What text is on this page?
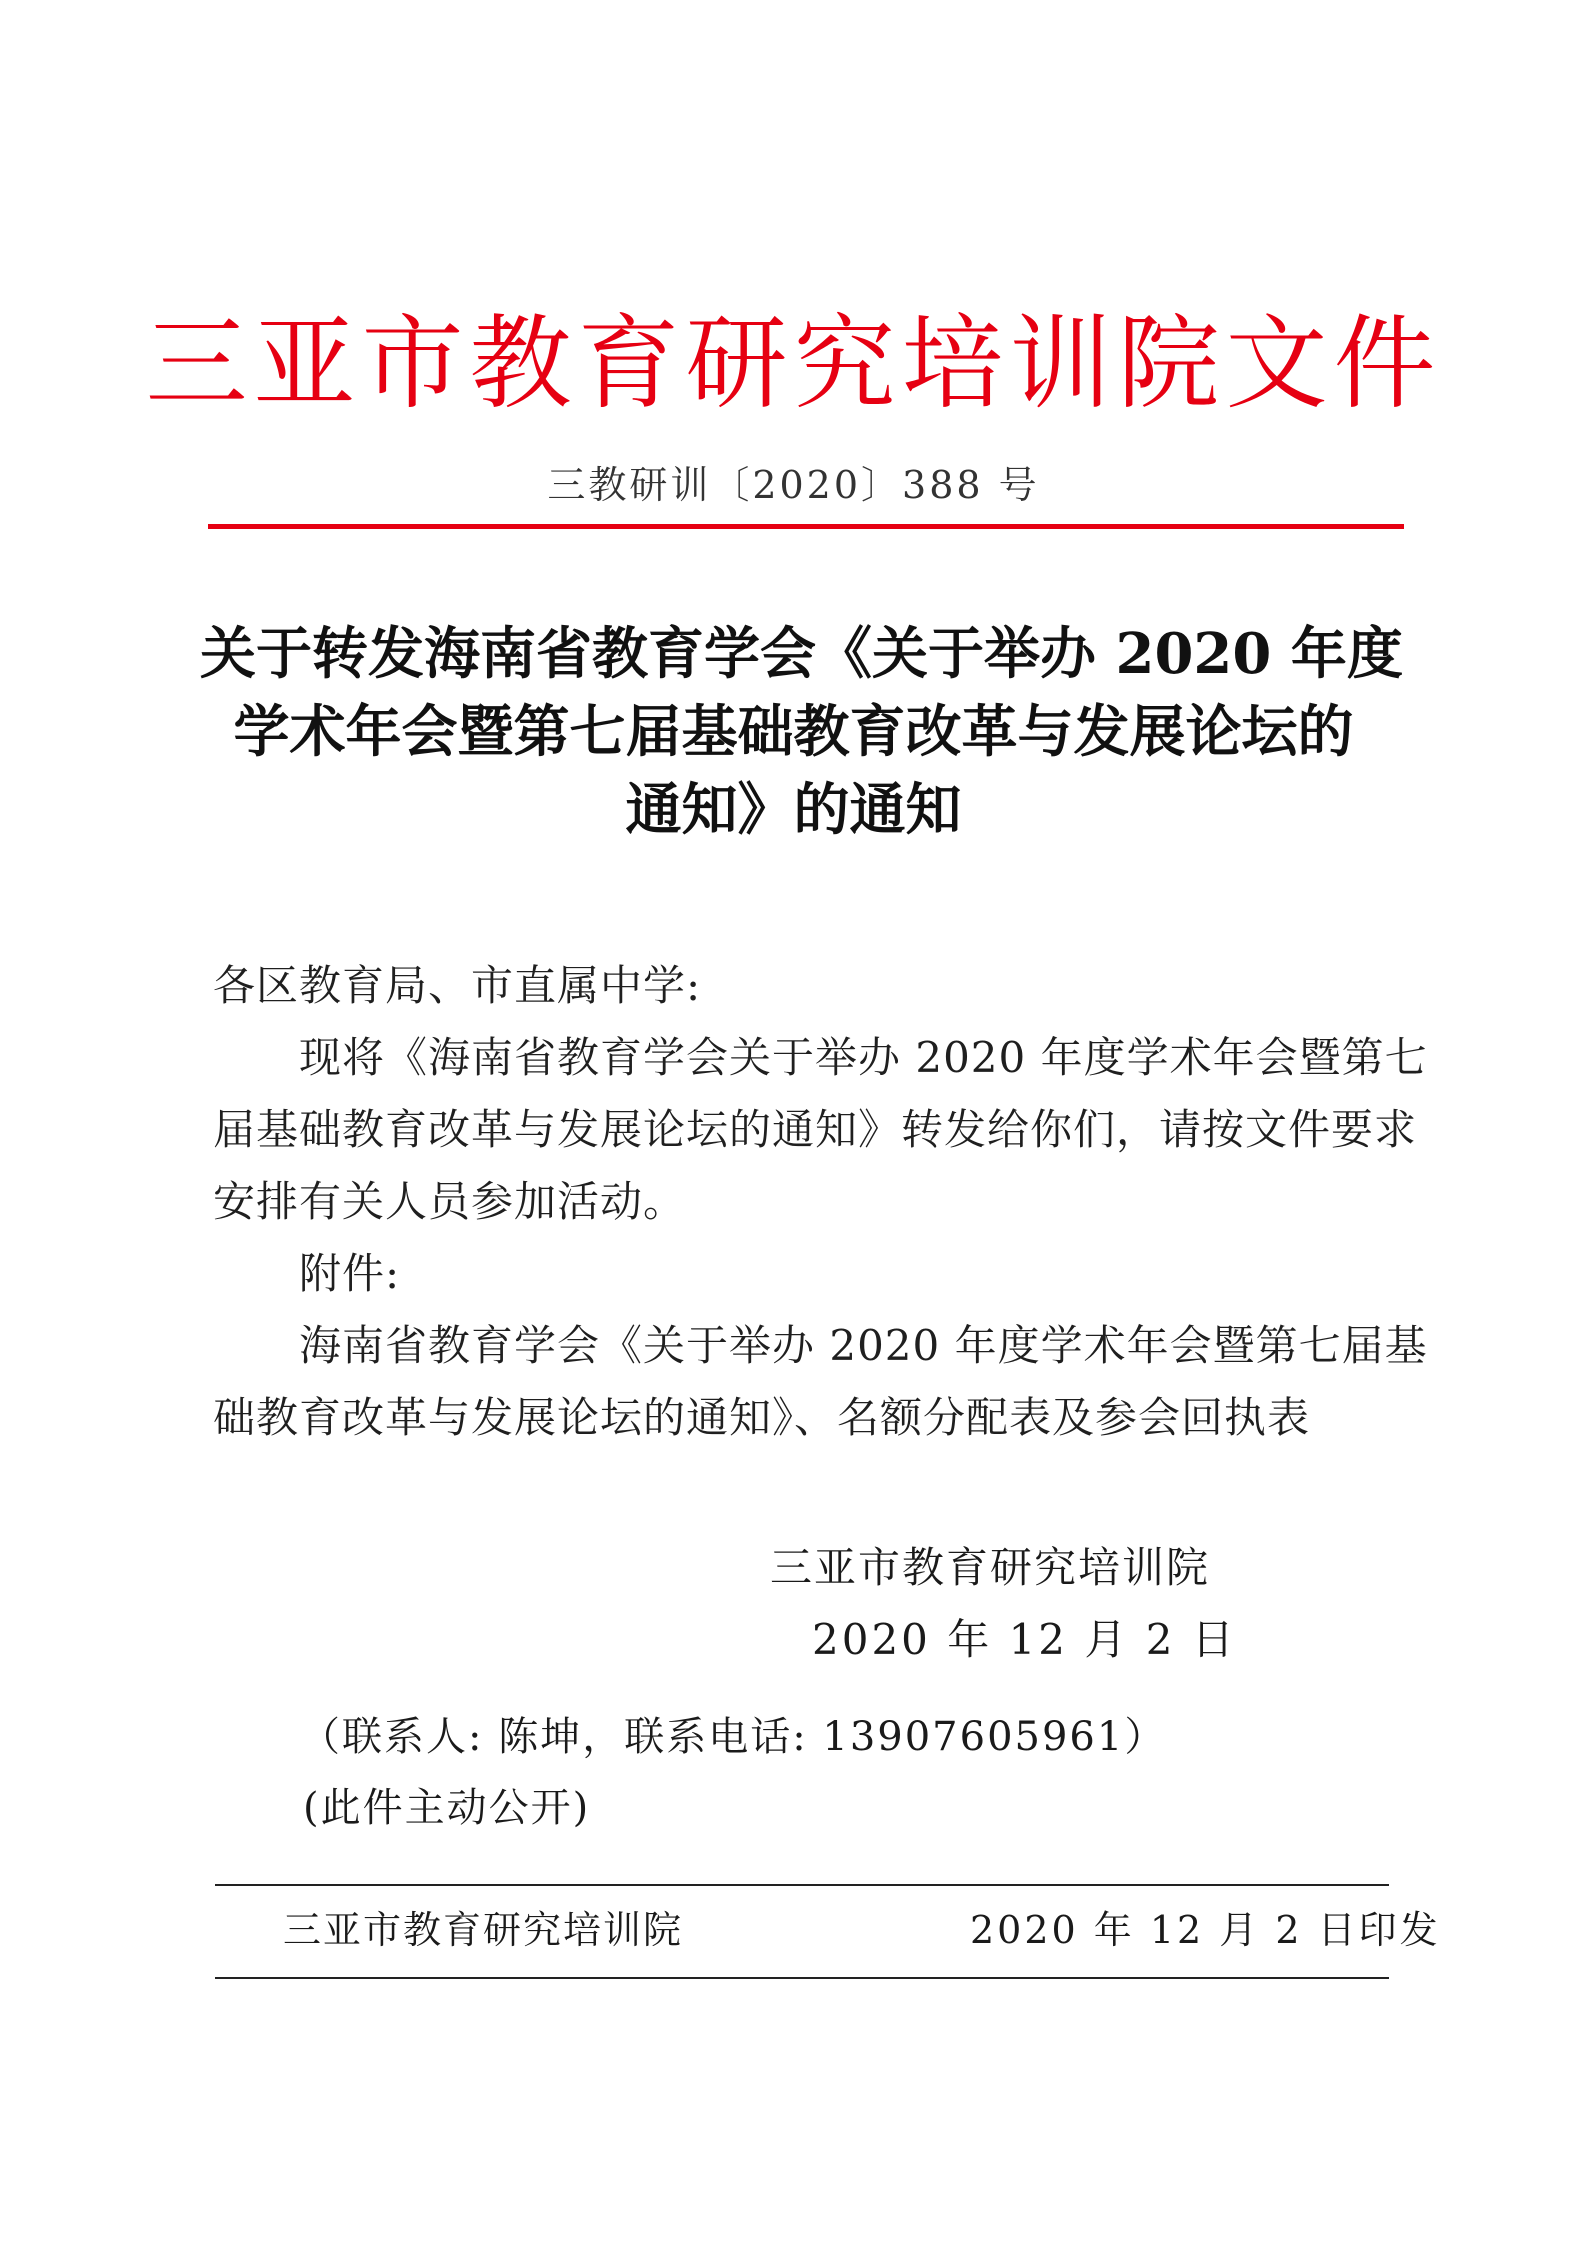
三亚市教育研究培训院文件
三教研训〔2020〕388 号
关于转发海南省教育学会《关于举办 2020 年度
学术年会暨第七届基础教育改革与发展论坛的
通知》的通知
各区教育局、市直属中学:
　　现将《海南省教育学会关于举办 2020 年度学术年会暨第七
届基础教育改革与发展论坛的通知》转发给你们，请按文件要求
安排有关人员参加活动。
　　附件:
　　海南省教育学会《关于举办 2020 年度学术年会暨第七届基
础教育改革与发展论坛的通知》、名额分配表及参会回执表
三亚市教育研究培训院
2020 年 12 月 2 日
（联系人: 陈坤，联系电话: 13907605961）
(此件主动公开)
三亚市教育研究培训院	2020 年 12 月 2 日印发
